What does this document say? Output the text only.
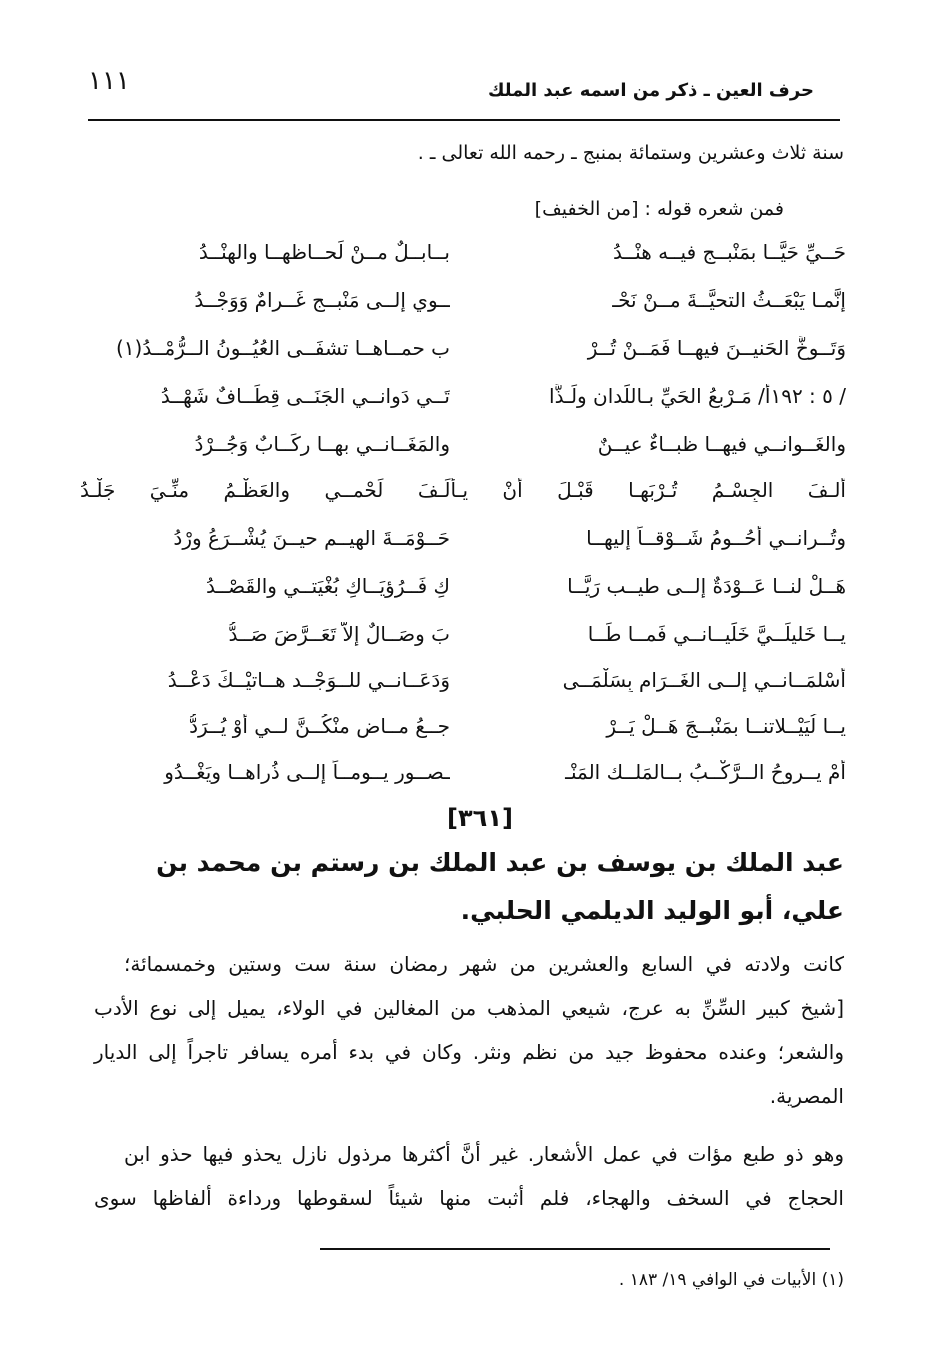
١١١	حرف العين ـ ذكر من اسمه عبد الملك
سنة ثلاث وعشرين وستمائة بمنبج ـ رحمه الله تعالى ـ .
فمن شعره قوله : [من الخفيف]
حَــيِّ حَيَّــا بمَنْبــجٍ فيــه هنْــدُ
بــابــلٌ مــنْ لَحــاظهــا والهنْــدُ
إنَّمـا يَبْعَــثُ التحيَّــةَ مــنْ نَحْـ
ــوي إلــى مَنْبــجٍ غَــرامٌ وَوَجْــدُ
وَتَــوخَّ الحَنيــنَ فيهــا فَمَــنْ تُــرْ
ب حمــاهــا تشفَــى العُيُــونُ الــرُّمْــدُ(١)
/ ٥ : ١٩٢أ/ مَـرْبعُ الحَيِّ بـاللِّدانِ ولَـذَّا
تَــي دَوانــي الجَنَــى قِطَــافٌ شَهْــدُ
والغَــوانــي فيهــا ظبــاءٌ عيــنٌ
والمَغَــانــي بهــا رِكَــابٌ وَجُــرْدُ
ألـفَ الجِسْـمُ تُـرْبَهـا قَبْـلَ أنْ يـألَـفَ لَحْمــي والعَظْـمُ منِّـيَ جَلْـدُ
وتُــرانــي أحُــومُ شَــوْقــاً إليهــا
حَــوْمَــةَ الهيــم حيــنَ يُشْــرَعُ وِرْدُ
هَــلْ لنــا عَــوْدَةٌ إلــى طيــب رَيَّــا
كِ فَــرُؤيَــاكِ بُغْيَتــي والقَصْــدُ
يــا خَليلَــيَّ خَلِّيــانــي فَمــا طَــا
بَ وِصَــالٌ إلاَّ تَعَــرَّضَ صَــدُّ
أسْلمَــانــي إلــى الغَــرَام بِسَلْمَــى
وَدَعَــانــي للــوَجْــد هــاتيْــكَ دَعْــدُ
يــا لُيَيْــلاتنــا بمَنْبــجَ هَــلْ يَــرْ
جــعُ مــاضٍ منْكُــنَّ لــي أوْ يُــرَدُّ
أمْ يــروحُ الــرَّكْــبُ بــالمَلــك المَنْـ
ـصــور يــومــاً إلــى ذُراهــا ويَغْــدُو
[٣٦١]
عبد الملك بن يوسف بن عبد الملك بن رستم بن محمد بن
علي، أبو الوليد الديلمي الحلبي.
كانت ولادته في السابع والعشرين من شهر رمضان سنة ست وستين وخمسمائة؛
[شيخ كبير السِّنِّ به عرج، شيعي المذهب من المغالين في الولاء، يميل إلى نوع الأدب
والشعر؛ وعنده محفوظ جيد من نظم ونثر. وكان في بدء أمره يسافر تاجراً إلى الديار
المصرية.
وهو ذو طبع مؤات في عمل الأشعار. غير أنَّ أكثرها مرذول نازل يحذو فيها حذو ابن
الحجاج في السخف والهجاء، فلم أثبت منها شيئاً لسقوطها ورداءة ألفاظها سوى
(١) الأبيات في الوافي ١٩/ ١٨٣ .
